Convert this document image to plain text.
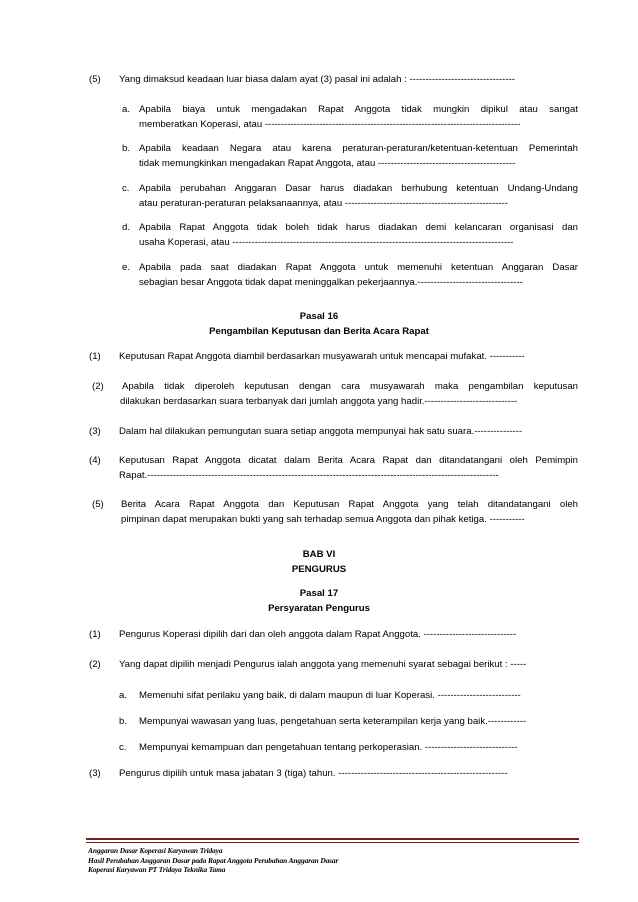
(5) Yang dimaksud keadaan luar biasa dalam ayat (3) pasal ini adalah : ---------------------------------
a. Apabila biaya untuk mengadakan Rapat Anggota tidak mungkin dipikul atau sangat
memberatkan Koperasi, atau --------------------------------------------------------------------------------
b. Apabila keadaan Negara atau karena peraturan-peraturan/ketentuan-ketentuan Pemerintah
tidak memungkinkan mengadakan Rapat Anggota, atau -------------------------------------------
c. Apabila perubahan Anggaran Dasar harus diadakan berhubung ketentuan Undang-Undang
atau peraturan-peraturan pelaksanaannya, atau ---------------------------------------------------
d. Apabila Rapat Anggota tidak boleh tidak harus diadakan demi kelancaran organisasi dan
usaha Koperasi, atau ----------------------------------------------------------------------------------------
e. Apabila pada saat diadakan Rapat Anggota untuk memenuhi ketentuan Anggaran Dasar
sebagian besar Anggota tidak dapat meninggalkan pekerjaannya.---------------------------------
Pasal 16
Pengambilan Keputusan dan Berita Acara Rapat
(1) Keputusan Rapat Anggota diambil berdasarkan musyawarah untuk mencapai mufakat. -----------
(2) Apabila tidak diperoleh keputusan dengan cara musyawarah maka pengambilan keputusan
dilakukan berdasarkan suara terbanyak dari jumlah anggota yang hadir.-----------------------------
(3) Dalam hal dilakukan pemungutan suara setiap anggota mempunyai hak satu suara.---------------
(4) Keputusan Rapat Anggota dicatat dalam Berita Acara Rapat dan ditandatangani oleh Pemimpin
Rapat.--------------------------------------------------------------------------------------------------------------
(5) Berita Acara Rapat Anggota dan Keputusan Rapat Anggota yang telah ditandatangani oleh
pimpinan dapat merupakan bukti yang sah terhadap semua Anggota dan pihak ketiga. -----------
BAB VI
PENGURUS
Pasal 17
Persyaratan Pengurus
(1) Pengurus Koperasi dipilih dari dan oleh anggota dalam Rapat Anggota. -----------------------------
(2) Yang dapat dipilih menjadi Pengurus ialah anggota yang memenuhi syarat sebagai berikut : -----
a. Memenuhi sifat perilaku yang baik, di dalam maupun di luar Koperasi. --------------------------
b. Mempunyai wawasan yang luas, pengetahuan serta keterampilan kerja yang baik.------------
c. Mempunyai kemampuan dan pengetahuan tentang perkoperasian. -----------------------------
(3) Pengurus dipilih untuk masa jabatan 3 (tiga) tahun. -----------------------------------------------------
Anggaran Dasar Koperasi Karyawan Tridaya
Hasil Perubahan Anggaran Dasar pada Rapat Anggota Perubahan Anggaran Dasar
Koperasi Karyawan PT Tridaya Teknika Tama
